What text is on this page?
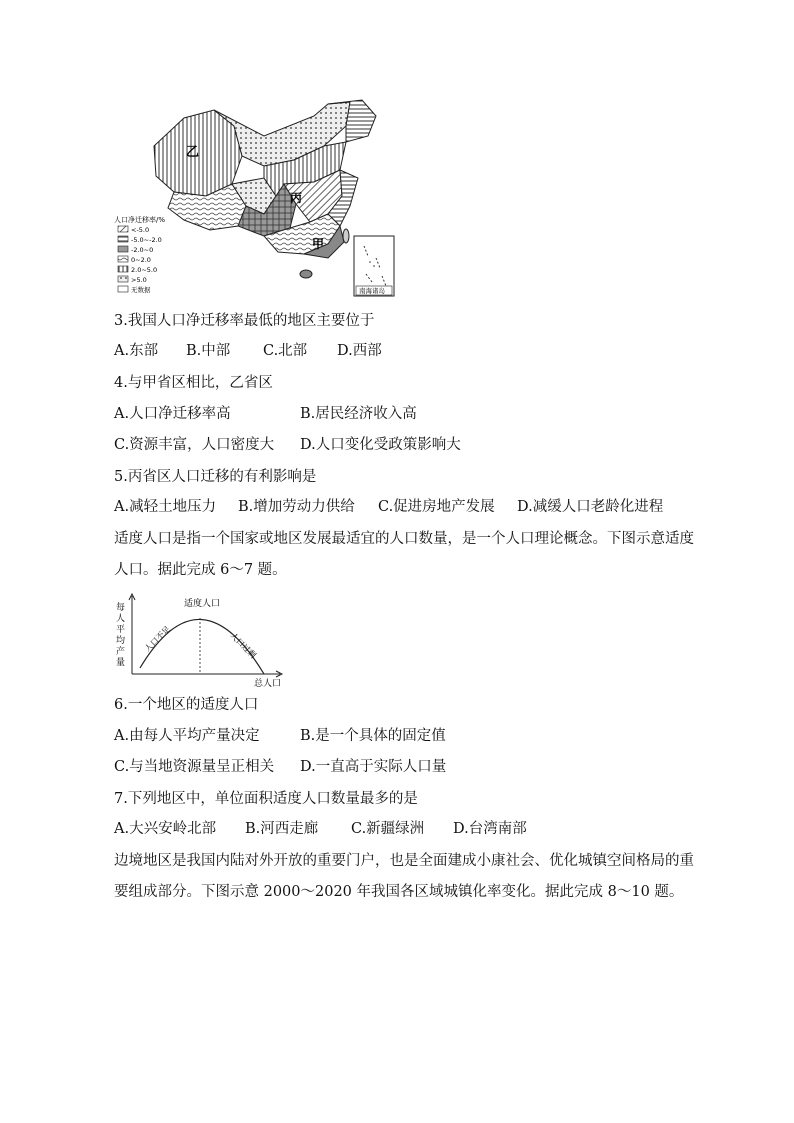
乙
丙
甲
人口净迁移率/%
<-5.0
-5.0~-2.0
-2.0~0
0~2.0
2.0~5.0
>5.0
无数据	南海诸岛
3.我国人口净迁移率最低的地区主要位于
A.东部 B.中部 C.北部 D.西部
4.与甲省区相比，乙省区
A.人口净迁移率高	B.居民经济收入高
C.资源丰富，人口密度大 D.人口变化受政策影响大
5.丙省区人口迁移的有利影响是
A.减轻土地压力 B.增加劳动力供给 C.促进房地产发展 D.减缓人口老龄化进程
适度人口是指一个国家或地区发展最适宜的人口数量，是一个人口理论概念。下图示意适度
人口。据此完成 6～7 题。
每
人
平
均
产
量
适度人口
人口不足	人口过剩
总人口
6.一个地区的适度人口
A.由每人平均产量决定	B.是一个具体的固定值
C.与当地资源量呈正相关 D.一直高于实际人口量
7.下列地区中，单位面积适度人口数量最多的是
A.大兴安岭北部 B.河西走廊 C.新疆绿洲 D.台湾南部
边境地区是我国内陆对外开放的重要门户，也是全面建成小康社会、优化城镇空间格局的重
要组成部分。下图示意 2000～2020 年我国各区域城镇化率变化。据此完成 8～10 题。
